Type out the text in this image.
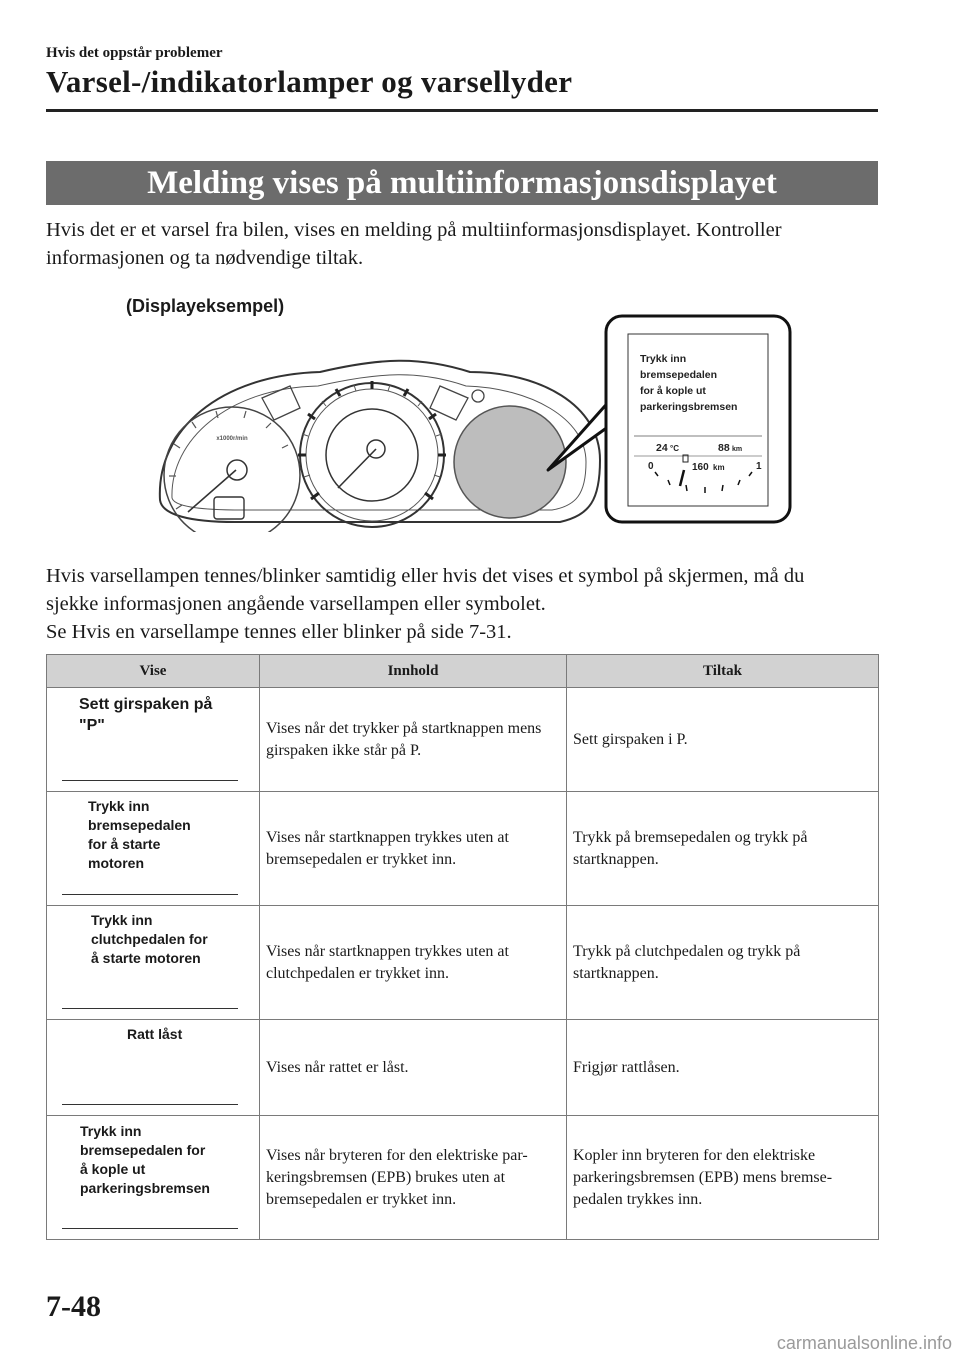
Hvis det oppstår problemer
Varsel-/indikatorlamper og varsellyder
Melding vises på multiinformasjonsdisplayet
Hvis det er et varsel fra bilen, vises en melding på multiinformasjonsdisplayet. Kontroller
informasjonen og ta nødvendige tiltak.
(Displayeksempel)
x1000r/min
Trykk inn
bremsepedalen
for å kople ut
parkeringsbremsen
24 °C	88 km
0	1
160 km
Hvis varsellampen tennes/blinker samtidig eller hvis det vises et symbol på skjermen, må du
sjekke informasjonen angående varsellampen eller symbolet.
Se Hvis en varsellampe tennes eller blinker på side 7-31.
Vise	Innhold	Tiltak

Sett girspaken på
"P"	Vises når det trykker på startknappen mens girspaken ikke står på P.	Sett girspaken i P.

Trykk inn
bremsepedalen
for å starte
motoren	Vises når startknappen trykkes uten at bremsepedalen er trykket inn.	Trykk på bremsepedalen og trykk på startknappen.

Trykk inn
clutchpedalen for
å starte motoren	Vises når startknappen trykkes uten at clutchpedalen er trykket inn.	Trykk på clutchpedalen og trykk på startknappen.

Ratt låst	Vises når rattet er låst.	Frigjør rattlåsen.

Trykk inn
bremsepedalen for
å kople ut
parkeringsbremsen	Vises når bryteren for den elektriske par-keringsbremsen (EPB) brukes uten at bremsepedalen er trykket inn.	Kopler inn bryteren for den elektriske parkeringsbremsen (EPB) mens bremse-pedalen trykkes inn.
7-48
carmanualsonline.info
